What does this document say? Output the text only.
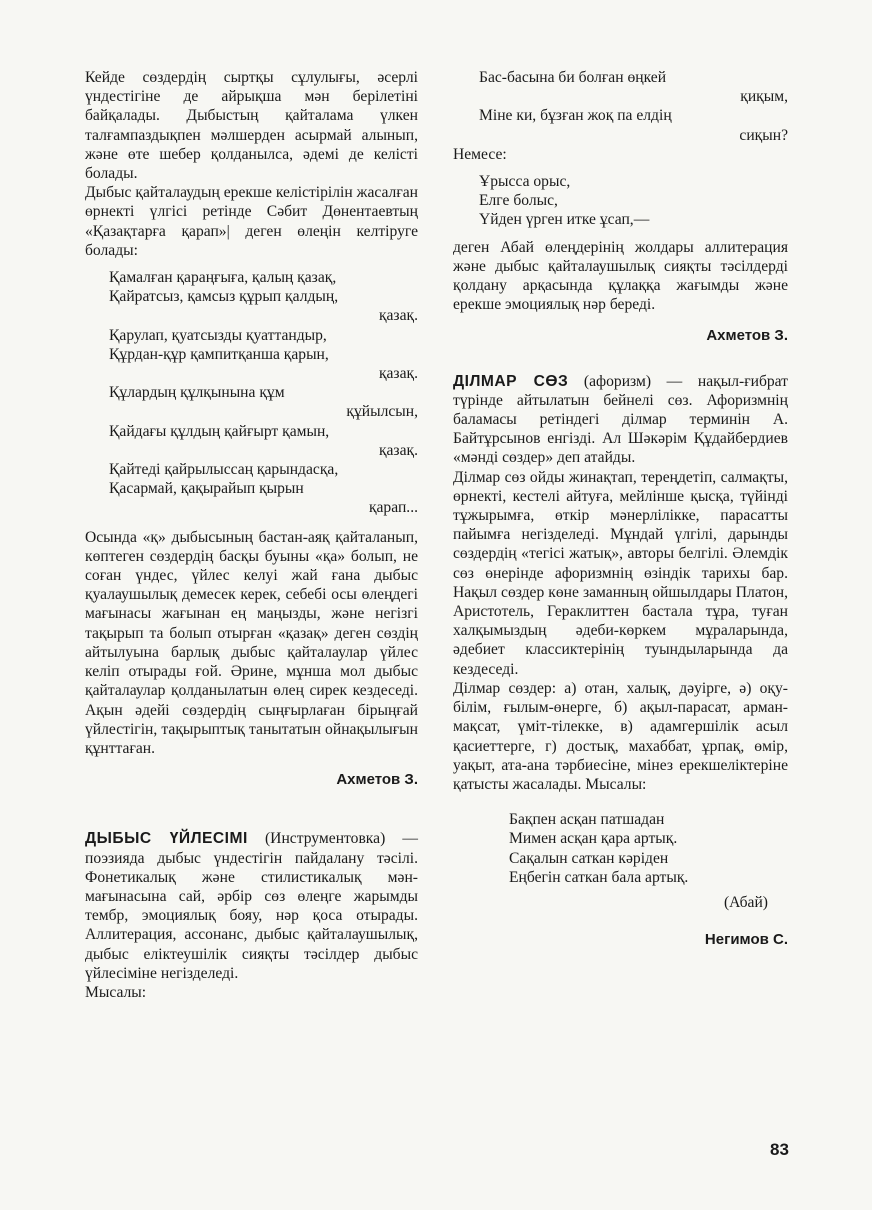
Кейде сөздердің сыртқы сұлулығы, әсерлі үндестігіне де айрықша мән берілетіні байқалады. Дыбыстың қайталама үлкен талғампаздықпен мәлшерден асырмай алынып, және өте шебер қолданылса, әдемі де келісті болады.

Дыбыс қайталаудың ерекше келістірілін жасалған өрнекті үлгісі ретінде Сәбит Дөнентаевтың «Қазақтарға қарап»| деген өлеңін келтіруге болады:

Қамалған қараңғыға, қалың қазақ,
Қайратсыз, қамсыз құрып қалдың,
қазақ.
Қарулап, қуатсызды қуаттандыр,
Құрдан-құр қампитқанша қарын,
қазақ.
Құлардың құлқынына құм
құйылсын,
Қайдағы құлдың қайғырт қамын,
қазақ.
Қайтеді қайрылыссаң қарындасқа,
Қасармай, қақырайып қырын
қарап...

Осында «қ» дыбысының бастан-аяқ қайталанып, көптеген сөздердің басқы буыны «қа» болып, не соған үндес, үйлес келуі жай ғана дыбыс қуалаушылық демесек керек, себебі осы өлеңдегі мағынасы жағынан ең маңызды, және негізгі тақырып та болып отырған «қазақ» деген сөздің айтылуына барлық дыбыс қайталаулар үйлес келіп отырады ғой. Әрине, мұнша мол дыбыс қайталаулар қолданылатын өлең сирек кездеседі. Ақын әдейі сөздердің сыңғырлаған бірыңғай үйлестігін, тақырыптық танытатын ойнақылығын құнттаған.

Ахметов З.

ДЫБЫС ҮЙЛЕСІМІ (Инструментовка) — поэзияда дыбыс үндестігін пайдалану тәсілі. Фонетикалық және стилистикалық мән-мағынасына сай, әрбір сөз өлеңге жарымды тембр, эмоциялық бояу, нәр қоса отырады. Аллитерация, ассонанс, дыбыс қайталаушылық, дыбыс еліктеушілік сияқты тәсілдер дыбыс үйлесіміне негізделеді.

Мысалы:
Бас-басына би болған өңкей
қиқым,
Міне ки, бұзған жоқ па елдің
сиқын?
Немесе:
Ұрысса орыс,
Елге болыс,
Үйден үрген итке ұсап,—

деген Абай өлеңдерінің жолдары аллитерация және дыбыс қайталаушылық сияқты тәсілдерді қолдану арқасында құлаққа жағымды және ерекше эмоциялық нәр береді.

Ахметов З.

ДІЛМАР СӨЗ (афоризм) — нақыл-ғибрат түрінде айтылатын бейнелі сөз. Афоризмнің баламасы ретіндегі ділмар терминін А. Байтұрсынов енгізді. Ал Шәкәрім Құдайбердиев «мәнді сөздер» деп атайды.

Ділмар сөз ойды жинақтап, тереңдетіп, салмақты, өрнекті, кестелі айтуға, мейлінше қысқа, түйінді тұжырымға, өткір мәнерлілікке, парасатты пайымға негізделеді. Мұндай үлгілі, дарынды сөздердің «тегісі жатық», авторы белгілі. Әлемдік сөз өнерінде афоризмнің өзіндік тарихы бар. Нақыл сөздер көне заманның ойшылдары Платон, Аристотель, Гераклиттен бастала тұра, туған халқымыздың әдеби-көркем мұраларында, әдебиет классиктерінің туындыларында да кездеседі.

Ділмар сөздер: а) отан, халық, дәуірге, ә) оқу-білім, ғылым-өнерге, б) ақыл-парасат, арман-мақсат, үміт-тілекке, в) адамгершілік асыл қасиеттерге, г) достық, махаббат, ұрпақ, өмір, уақыт, ата-ана тәрбиесіне, мінез ерекшеліктеріне қатысты жасалады. Мысалы:

Бақпен асқан патшадан
Мимен асқан қара артық.
Сақалын саткан кәріден
Еңбегін саткан бала артық.
(Абай)
Негимов С.
83
